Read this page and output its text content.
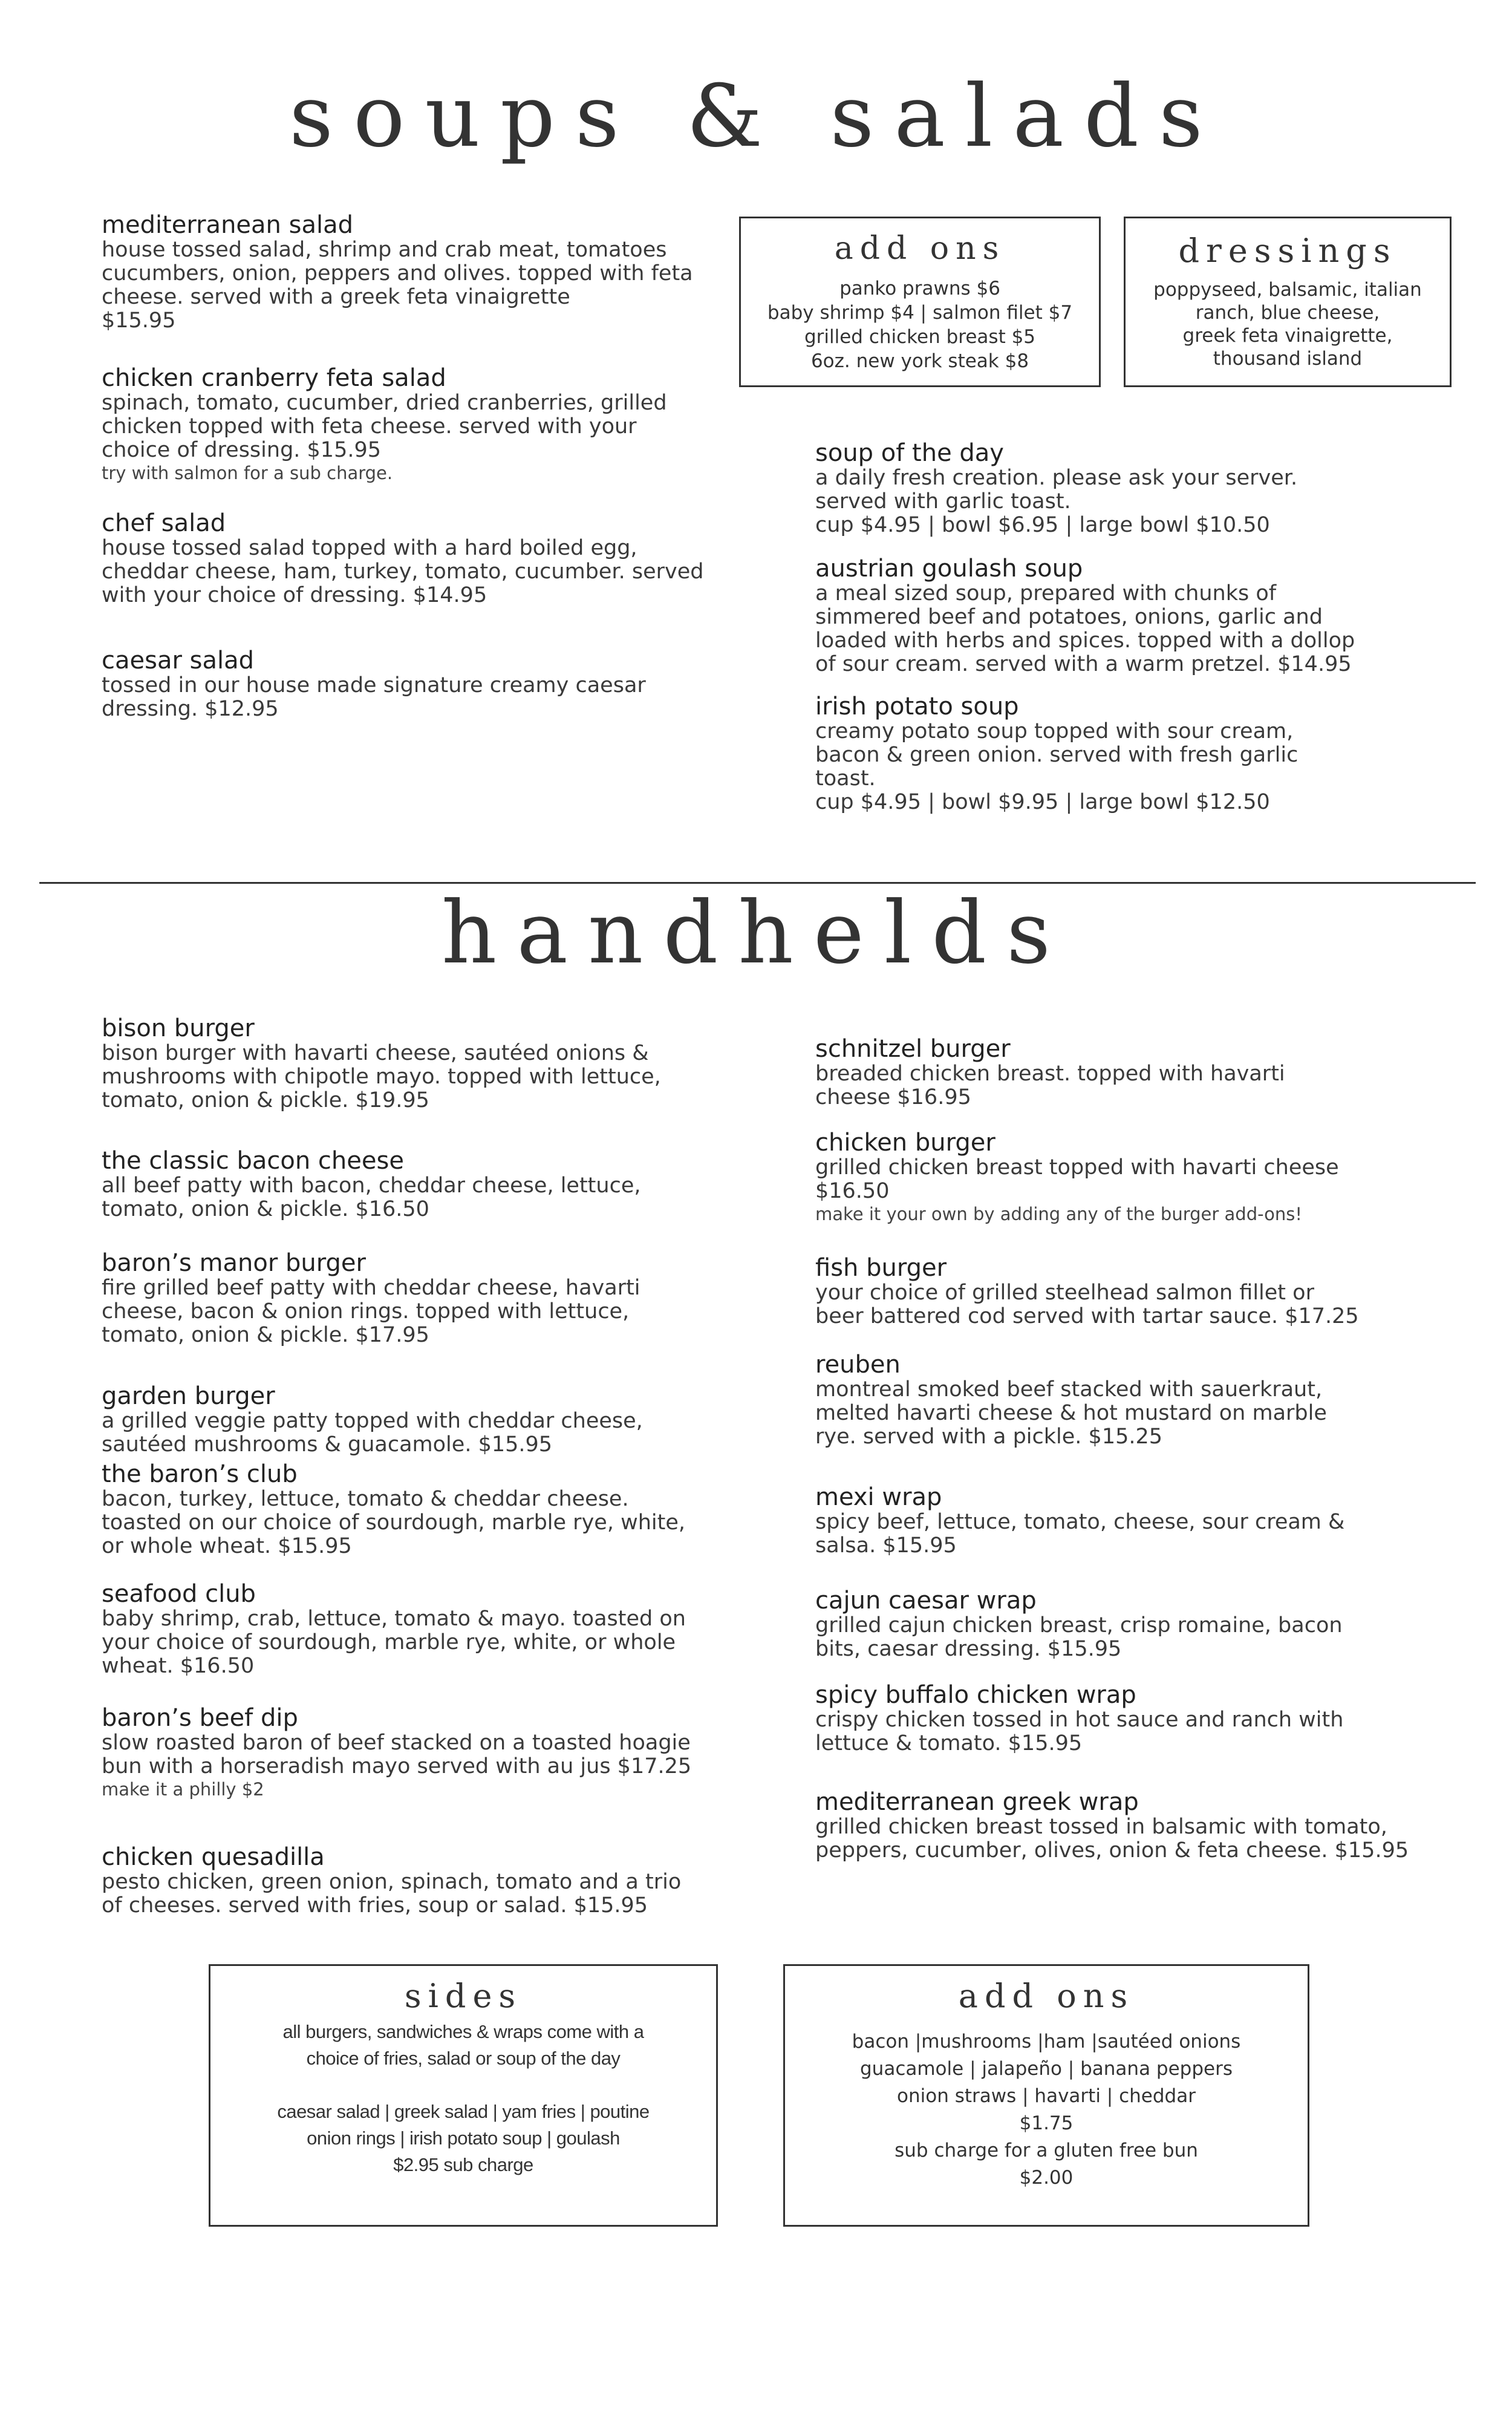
soups & salads
mediterranean salad

house tossed salad, shrimp and crab meat, tomatoes cucumbers, onion, peppers and olives. topped with feta cheese. served with a greek feta vinaigrette

$15.95

chicken cranberry feta salad

spinach, tomato, cucumber, dried cranberries, grilled chicken topped with feta cheese. served with your choice of dressing. $15.95

try with salmon for a sub charge.

chef salad

house tossed salad topped with a hard boiled egg, cheddar cheese, ham, turkey, tomato, cucumber. served with your choice of dressing. $14.95

caesar salad

tossed in our house made signature creamy caesar dressing. $12.95

add ons
panko prawns $6
baby shrimp $4 | salmon filet $7
grilled chicken breast $5
6oz. new york steak $8
dressings
poppyseed, balsamic, italian
ranch, blue cheese,
greek feta vinaigrette,
thousand island
soup of the day

a daily fresh creation. please ask your server. served with garlic toast.

cup $4.95 | bowl $6.95 | large bowl $10.50

austrian goulash soup

a meal sized soup, prepared with chunks of simmered beef and potatoes, onions, garlic and loaded with herbs and spices. topped with a dollop of sour cream. served with a warm pretzel. $14.95

irish potato soup

creamy potato soup topped with sour cream, bacon & green onion. served with fresh garlic toast.

cup $4.95 | bowl $9.95 | large bowl $12.50

handhelds
bison burger

bison burger with havarti cheese, sautéed onions & mushrooms with chipotle mayo. topped with lettuce, tomato, onion & pickle. $19.95

the classic bacon cheese

all beef patty with bacon, cheddar cheese, lettuce, tomato, onion & pickle. $16.50

baron’s manor burger

fire grilled beef patty with cheddar cheese, havarti cheese, bacon & onion rings. topped with lettuce, tomato, onion & pickle. $17.95

garden burger

a grilled veggie patty topped with cheddar cheese, sautéed mushrooms & guacamole. $15.95

the baron’s club

bacon, turkey, lettuce, tomato & cheddar cheese. toasted on our choice of sourdough, marble rye, white, or whole wheat. $15.95

seafood club

baby shrimp, crab, lettuce, tomato & mayo. toasted on your choice of sourdough, marble rye, white, or whole wheat. $16.50

baron’s beef dip

slow roasted baron of beef stacked on a toasted hoagie bun with a horseradish mayo served with au jus $17.25

make it a philly $2

chicken quesadilla

pesto chicken, green onion, spinach, tomato and a trio of cheeses. served with fries, soup or salad. $15.95

schnitzel burger

breaded chicken breast. topped with havarti cheese $16.95

chicken burger

grilled chicken breast topped with havarti cheese $16.50

make it your own by adding any of the burger add-ons!

fish burger

your choice of grilled steelhead salmon fillet or beer battered cod served with tartar sauce. $17.25

reuben

montreal smoked beef stacked with sauerkraut, melted havarti cheese & hot mustard on marble rye. served with a pickle. $15.25

mexi wrap

spicy beef, lettuce, tomato, cheese, sour cream & salsa. $15.95

cajun caesar wrap

grilled cajun chicken breast, crisp romaine, bacon bits, caesar dressing. $15.95

spicy buffalo chicken wrap

crispy chicken tossed in hot sauce and ranch with lettuce & tomato. $15.95

mediterranean greek wrap

grilled chicken breast tossed in balsamic with tomato, peppers, cucumber, olives, onion & feta cheese. $15.95

sides
all burgers, sandwiches & wraps come with a
choice of fries, salad or soup of the day
caesar salad | greek salad | yam fries | poutine
onion rings | irish potato soup | goulash
$2.95 sub charge
add ons
bacon |mushrooms |ham |sautéed onions
guacamole | jalapeño | banana peppers
onion straws | havarti | cheddar
$1.75
sub charge for a gluten free bun
$2.00
